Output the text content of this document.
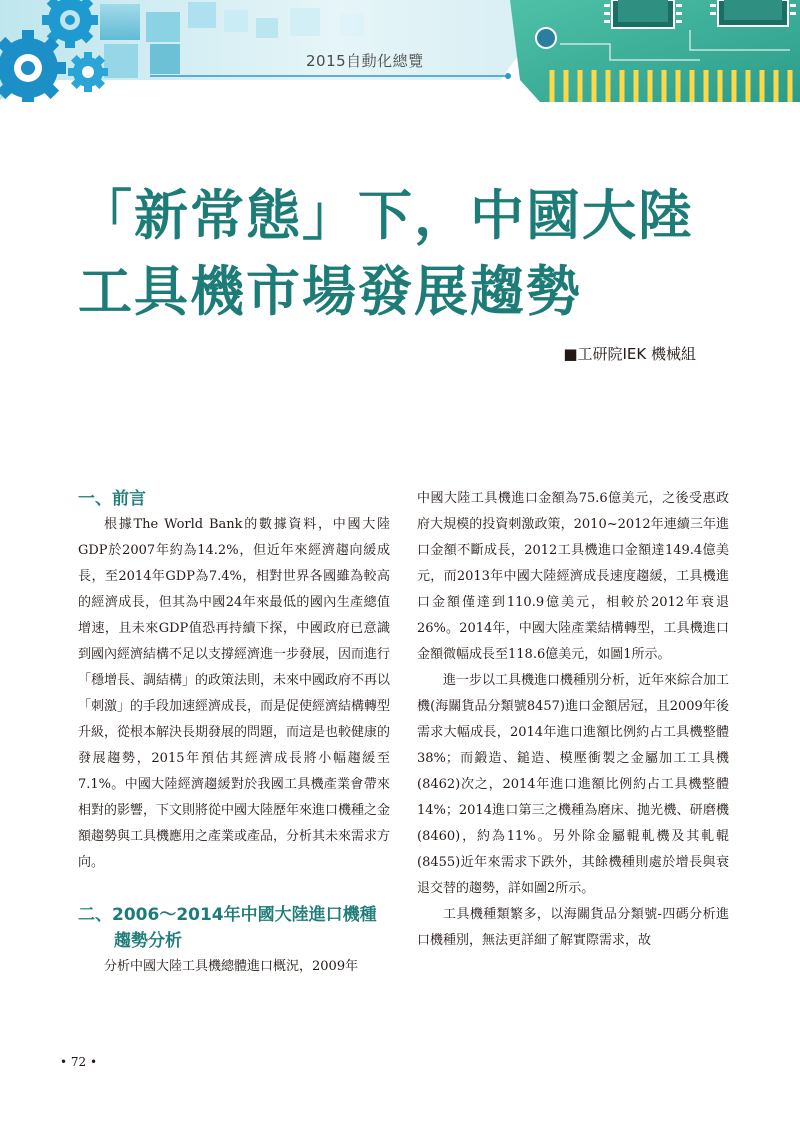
2015自動化總覽
「新常態」下，中國大陸
工具機市場發展趨勢
■工研院IEK 機械組
一、前言

根據The World Bank的數據資料，中國大陸GDP於2007年約為14.2%，但近年來經濟趨向緩成長，至2014年GDP為7.4%，相對世界各國雖為較高的經濟成長，但其為中國24年來最低的國內生產總值增速，且未來GDP值恐再持續下探，中國政府已意識到國內經濟結構不足以支撐經濟進一步發展，因而進行「穩增長、調結構」的政策法則，未來中國政府不再以「刺激」的手段加速經濟成長，而是促使經濟結構轉型升級，從根本解決長期發展的問題，而這是也較健康的發展趨勢，2015年預估其經濟成長將小幅趨緩至7.1%。中國大陸經濟趨緩對於我國工具機產業會帶來相對的影響，下文則將從中國大陸歷年來進口機種之金額趨勢與工具機應用之產業或產品，分析其未來需求方向。

二、2006～2014年中國大陸進口機種
趨勢分析

分析中國大陸工具機總體進口概況，2009年

中國大陸工具機進口金額為75.6億美元，之後受惠政府大規模的投資刺激政策，2010~2012年連續三年進口金額不斷成長，2012工具機進口金額達149.4億美元，而2013年中國大陸經濟成長速度趨緩，工具機進口金額僅達到110.9億美元，相較於2012年衰退26%。2014年，中國大陸產業結構轉型，工具機進口金額微幅成長至118.6億美元，如圖1所示。

進一步以工具機進口機種別分析，近年來綜合加工機(海關貨品分類號8457)進口金額居冠，且2009年後需求大幅成長，2014年進口進額比例約占工具機整體38%；而鍛造、鎚造、模壓衝製之金屬加工工具機(8462)次之，2014年進口進額比例約占工具機整體14%；2014進口第三之機種為磨床、拋光機、研磨機(8460)，約為11%。另外除金屬輥軋機及其軋輥(8455)近年來需求下跌外，其餘機種則處於增長與衰退交替的趨勢，詳如圖2所示。

工具機種類繁多，以海關貨品分類號-四碼分析進口機種別，無法更詳細了解實際需求，故

• 72 •
